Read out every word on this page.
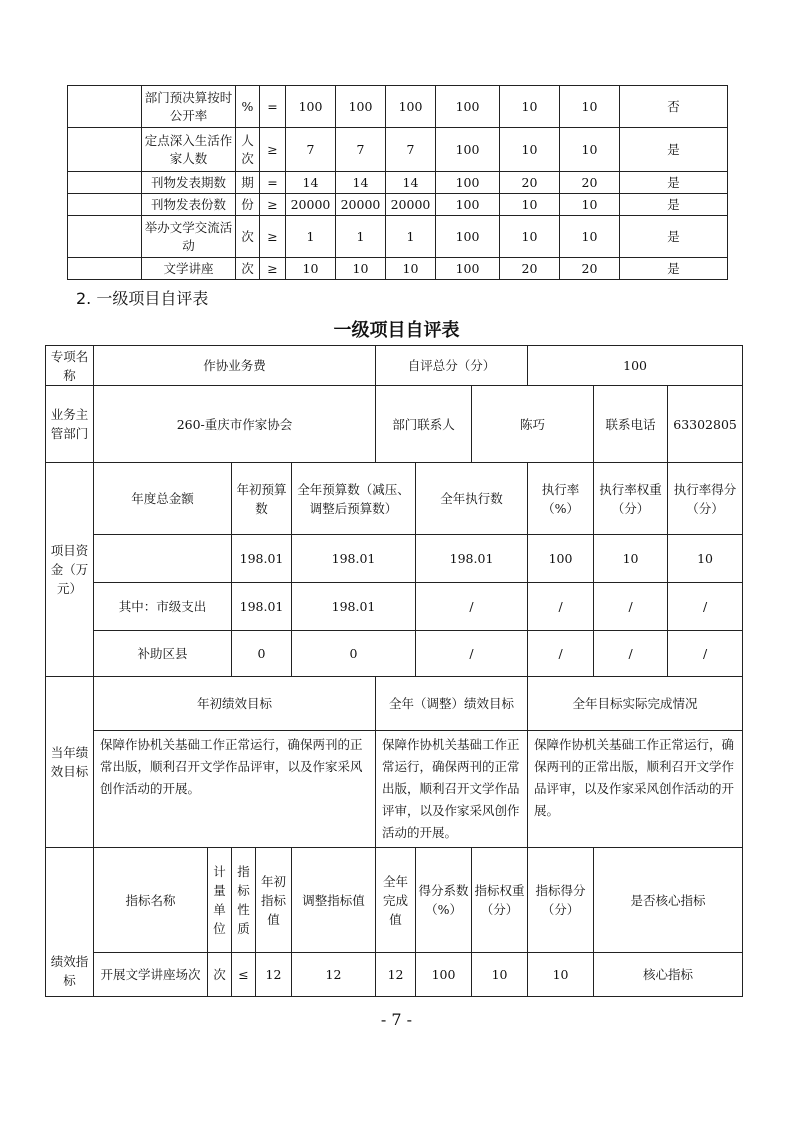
	部门预决算按时公开率	%	=	100	100	100	100	10	10	否
	定点深入生活作家人数	人次	≥	7	7	7	100	10	10	是
	刊物发表期数	期	=	14	14	14	100	20	20	是
	刊物发表份数	份	≥	20000	20000	20000	100	10	10	是
	举办文学交流活动	次	≥	1	1	1	100	10	10	是
	文学讲座	次	≥	10	10	10	100	20	20	是
2. 一级项目自评表
一级项目自评表
专项名称	作协业务费					自评总分（分）			100		
业务主管部门	260-重庆市作家协会					部门联系人		陈巧		联系电话	63302805
项目资金（万元）	年度总金额		年初预算数		全年预算数（减压、调整后预算数）		全年执行数		执行率（%）	执行率权重（分）	执行率得分（分）
			198.01		198.01		198.01		100	10	10
	其中：市级支出		198.01		198.01		/		/	/	/
	补助区县		0		0		/		/	/	/
当年绩效目标	年初绩效目标					全年（调整）绩效目标			全年目标实际完成情况		
	保障作协机关基础工作正常运行，确保两刊的正常出版，顺利召开文学作品评审，以及作家采风创作活动的开展。					保障作协机关基础工作正常运行，确保两刊的正常出版，顺利召开文学作品评审，以及作家采风创作活动的开展。			保障作协机关基础工作正常运行，确保两刊的正常出版，顺利召开文学作品评审，以及作家采风创作活动的开展。		
绩效指标	指标名称	计量单位	指标性质	年初指标值	调整指标值	全年完成值	得分系数（%）	指标权重（分）	指标得分（分）	是否核心指标	
	开展文学讲座场次	次	≤	12	12	12	100	10	10	核心指标	
- 7 -
